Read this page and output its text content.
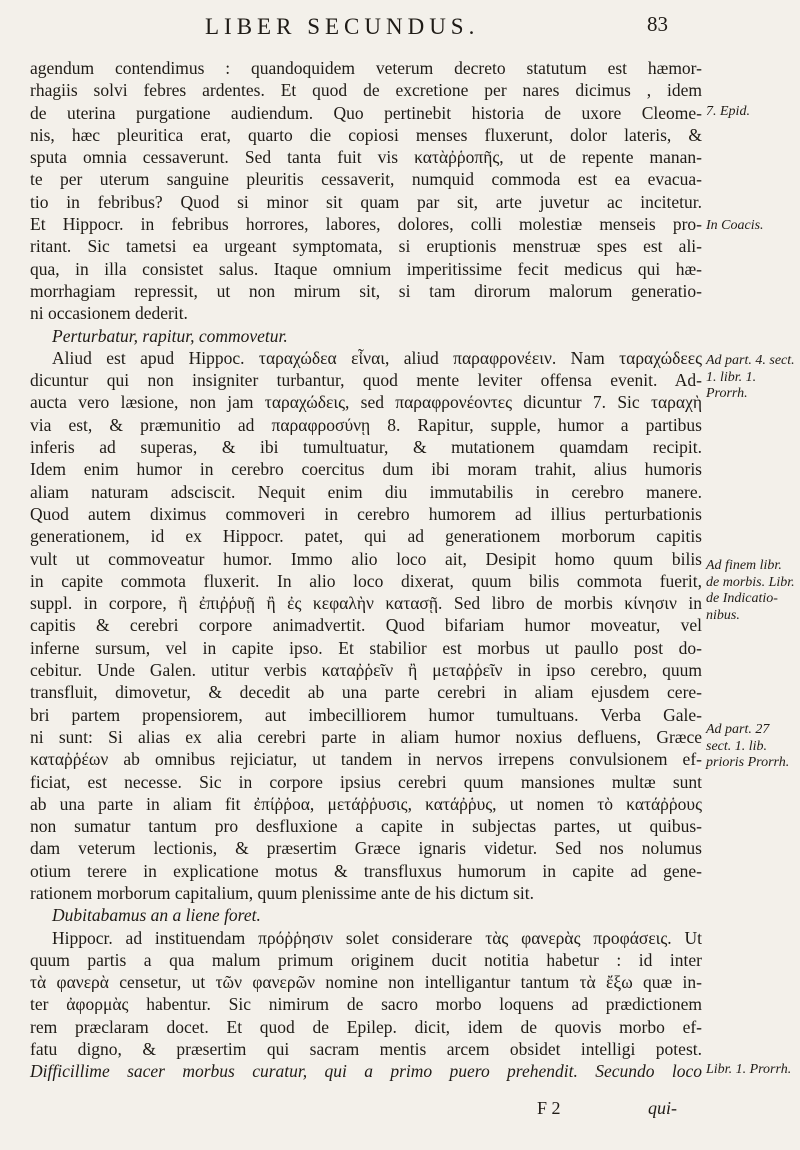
LIBER SECUNDUS.	83
agendum contendimus : quandoquidem veterum decreto statutum est hæmor-
rhagiis solvi febres ardentes. Et quod de excretione per nares dicimus , idem
de uterina purgatione audiendum. Quo pertinebit historia de uxore Cleome-
nis, hæc pleuritica erat, quarto die copiosi menses fluxerunt, dolor lateris, &
sputa omnia cessaverunt. Sed tanta fuit vis κατὰῤῥοπῆς, ut de repente manan-
te per uterum sanguine pleuritis cessaverit, numquid commoda est ea evacua-
tio in febribus? Quod si minor sit quam par sit, arte juvetur ac incitetur.
Et Hippocr. in febribus horrores, labores, dolores, colli molestiæ menseis pro-
ritant. Sic tametsi ea urgeant symptomata, si eruptionis menstruæ spes est ali-
qua, in illa consistet salus. Itaque omnium imperitissime fecit medicus qui hæ-
morrhagiam repressit, ut non mirum sit, si tam dirorum malorum generatio-
ni occasionem dederit.
Perturbatur, rapitur, commovetur.
Aliud est apud Hippoc. ταραχώδεα εἶναι, aliud παραφρονέειν. Nam ταραχώδεες
dicuntur qui non insigniter turbantur, quod mente leviter offensa evenit. Ad-
aucta vero læsione, non jam ταραχώδεις, sed παραφρονέοντες dicuntur 7. Sic ταραχὴ
via est, & præmunitio ad παραφροσύνῃ 8. Rapitur, supple, humor a partibus
inferis ad superas, & ibi tumultuatur, & mutationem quamdam recipit.
Idem enim humor in cerebro coercitus dum ibi moram trahit, alius humoris
aliam naturam adsciscit. Nequit enim diu immutabilis in cerebro manere.
Quod autem diximus commoveri in cerebro humorem ad illius perturbationis
generationem, id ex Hippocr. patet, qui ad generationem morborum capitis
vult ut commoveatur humor. Immo alio loco ait, Desipit homo quum bilis
in capite commota fluxerit. In alio loco dixerat, quum bilis commota fuerit,
suppl. in corpore, ἢ ἐπιῤῥυῇ ἢ ἐς κεφαλὴν κατασῇ. Sed libro de morbis κίνησιν in
capitis & cerebri corpore animadvertit. Quod bifariam humor moveatur, vel
inferne sursum, vel in capite ipso. Et stabilior est morbus ut paullo post do-
cebitur. Unde Galen. utitur verbis καταῤῥεῖν ἢ μεταῤῥεῖν in ipso cerebro, quum
transfluit, dimovetur, & decedit ab una parte cerebri in aliam ejusdem cere-
bri partem propensiorem, aut imbecilliorem humor tumultuans. Verba Gale-
ni sunt: Si alias ex alia cerebri parte in aliam humor noxius defluens, Græce
καταῤῥέων ab omnibus rejiciatur, ut tandem in nervos irrepens convulsionem ef-
ficiat, est necesse. Sic in corpore ipsius cerebri quum mansiones multæ sunt
ab una parte in aliam fit ἐπίῤῥοα, μετάῤῥυσις, κατάῤῥυς, ut nomen τὸ κατάῤῥους
non sumatur tantum pro desfluxione a capite in subjectas partes, ut quibus-
dam veterum lectionis, & præsertim Græce ignaris videtur. Sed nos nolumus
otium terere in explicatione motus & transfluxus humorum in capite ad gene-
rationem morborum capitalium, quum plenissime ante de his dictum sit.
Dubitabamus an a liene foret.
Hippocr. ad instituendam πρόῤῥησιν solet considerare τὰς φανερὰς προφάσεις. Ut
quum partis a qua malum primum originem ducit notitia habetur : id inter
τὰ φανερὰ censetur, ut τῶν φανερῶν nomine non intelligantur tantum τὰ ἔξω quæ in-
ter ἀφορμὰς habentur. Sic nimirum de sacro morbo loquens ad prædictionem
rem præclaram docet. Et quod de Epilep. dicit, idem de quovis morbo ef-
fatu digno, & præsertim qui sacram mentis arcem obsidet intelligi potest.
Difficillime sacer morbus curatur, qui a primo puero prehendit. Secundo loco
7. Epid.
In Coacis.
Ad part. 4. sect. 1. libr. 1. Prorrh.
Ad finem libr. de morbis. Libr. de Indicatio- nibus.
Ad part. 27 sect. 1. lib. prioris Prorrh.
Libr. 1. Prorrh.
F 2	qui-
